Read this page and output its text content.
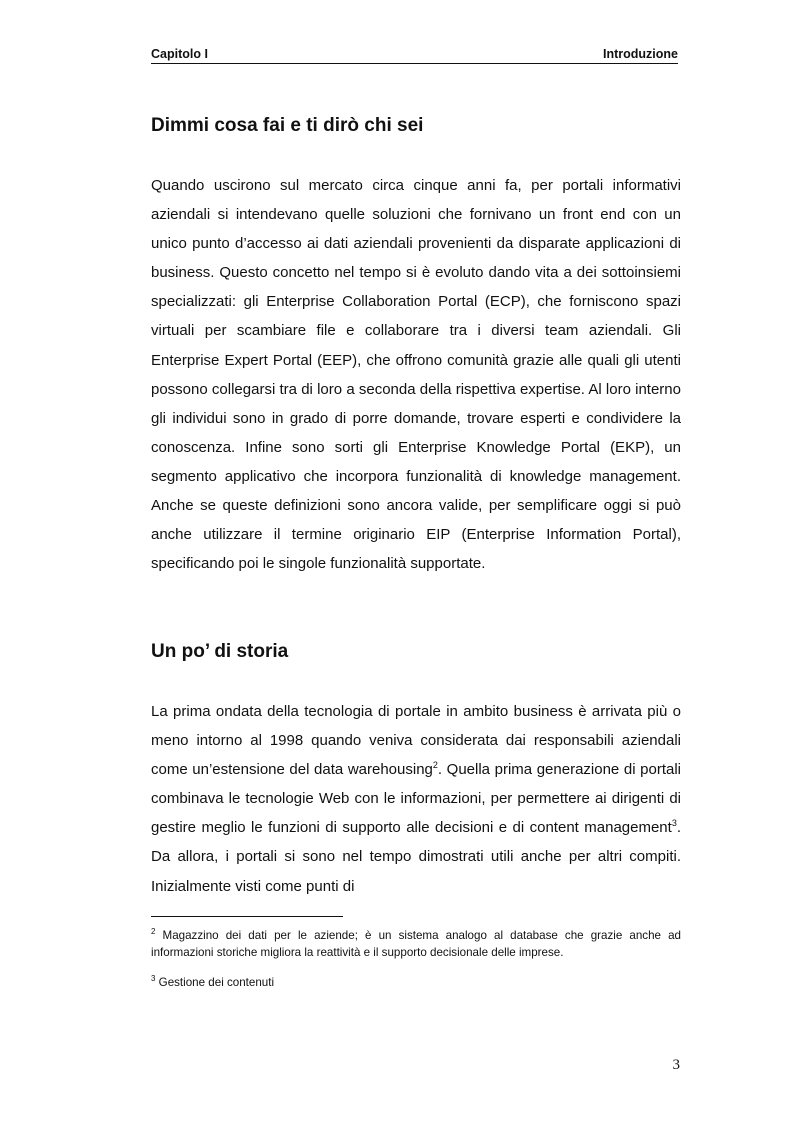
Capitolo I	Introduzione
Dimmi cosa fai e ti dirò chi sei

Quando uscirono sul mercato circa cinque anni fa, per portali informativi aziendali si intendevano quelle soluzioni che fornivano un front end con un unico punto d’accesso ai dati aziendali provenienti da disparate applicazioni di business. Questo concetto nel tempo si è evoluto dando vita a dei sottoinsiemi specializzati: gli Enterprise Collaboration Portal (ECP), che forniscono spazi virtuali per scambiare file e collaborare tra i diversi team aziendali. Gli Enterprise Expert Portal (EEP), che offrono comunità grazie alle quali gli utenti possono collegarsi tra di loro a seconda della rispettiva expertise. Al loro interno gli individui sono in grado di porre domande, trovare esperti e condividere la conoscenza. Infine sono sorti gli Enterprise Knowledge Portal (EKP), un segmento applicativo che incorpora funzionalità di knowledge management. Anche se queste definizioni sono ancora valide, per semplificare oggi si può anche utilizzare il termine originario EIP (Enterprise Information Portal), specificando poi le singole funzionalità supportate.

Un po’ di storia

La prima ondata della tecnologia di portale in ambito business è arrivata più o meno intorno al 1998 quando veniva considerata dai responsabili aziendali come un’estensione del data warehousing$^2$. Quella prima generazione di portali combinava le tecnologie Web con le informazioni, per permettere ai dirigenti di gestire meglio le funzioni di supporto alle decisioni e di content management$^3$. Da allora, i portali si sono nel tempo dimostrati utili anche per altri compiti. Inizialmente visti come punti di

$^2$ Magazzino dei dati per le aziende; è un sistema analogo al database che grazie anche ad informazioni storiche migliora la reattività e il supporto decisionale delle imprese.

$^3$ Gestione dei contenuti

3
